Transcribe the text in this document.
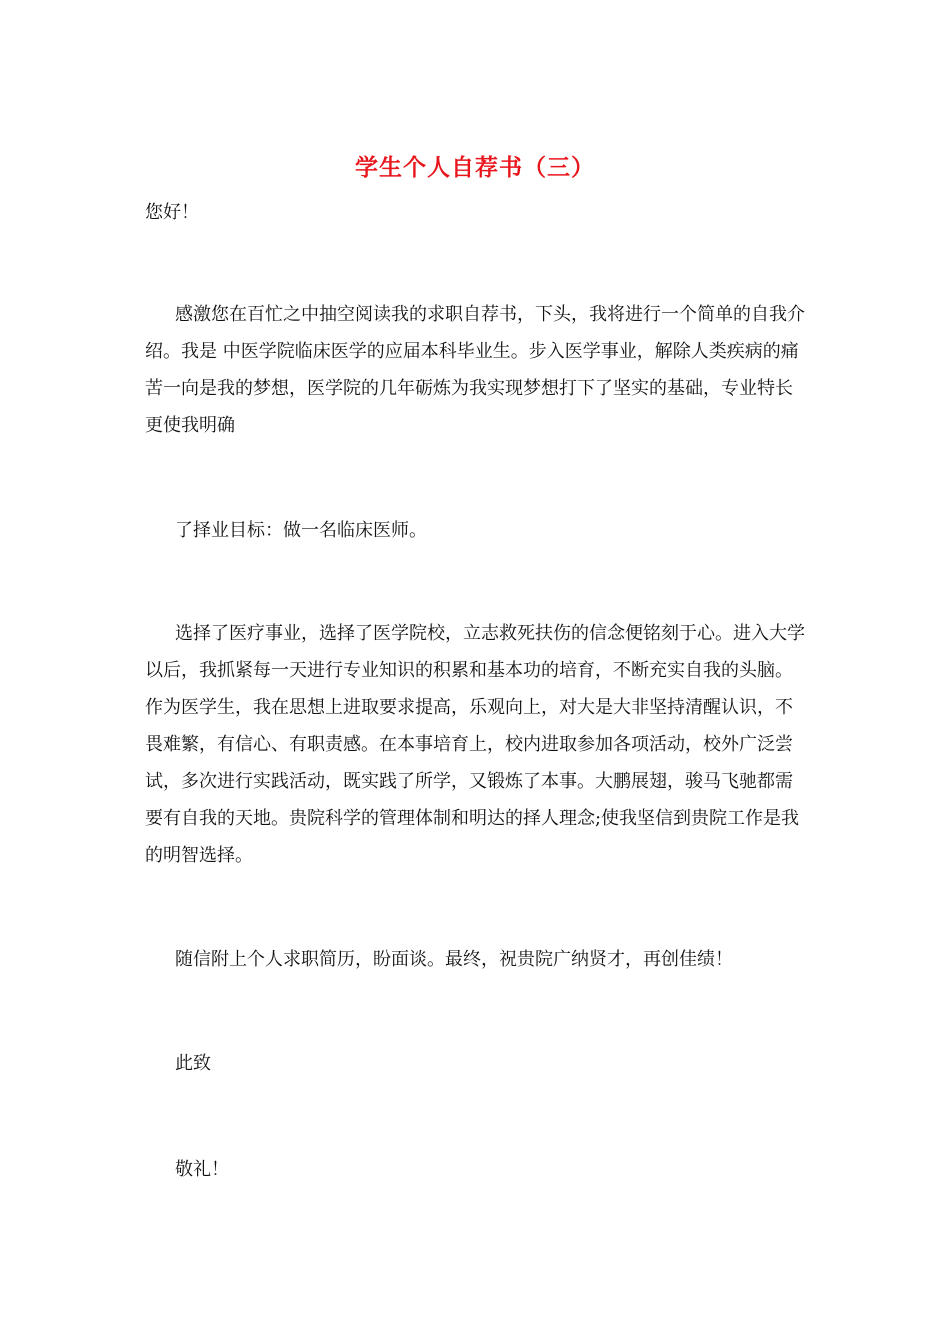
学生个人自荐书（三）

您好！

感激您在百忙之中抽空阅读我的求职自荐书，下头，我将进行一个简单的自我介绍。我是 中医学院临床医学的应届本科毕业生。步入医学事业，解除人类疾病的痛苦一向是我的梦想，医学院的几年砺炼为我实现梦想打下了坚实的基础，专业特长更使我明确

了择业目标：做一名临床医师。

选择了医疗事业，选择了医学院校，立志救死扶伤的信念便铭刻于心。进入大学以后，我抓紧每一天进行专业知识的积累和基本功的培育，不断充实自我的头脑。作为医学生，我在思想上进取要求提高，乐观向上，对大是大非坚持清醒认识，不畏难繁，有信心、有职责感。在本事培育上，校内进取参加各项活动，校外广泛尝试，多次进行实践活动，既实践了所学，又锻炼了本事。大鹏展翅，骏马飞驰都需要有自我的天地。贵院科学的管理体制和明达的择人理念;使我坚信到贵院工作是我的明智选择。

随信附上个人求职简历，盼面谈。最终，祝贵院广纳贤才，再创佳绩！

此致

敬礼！
